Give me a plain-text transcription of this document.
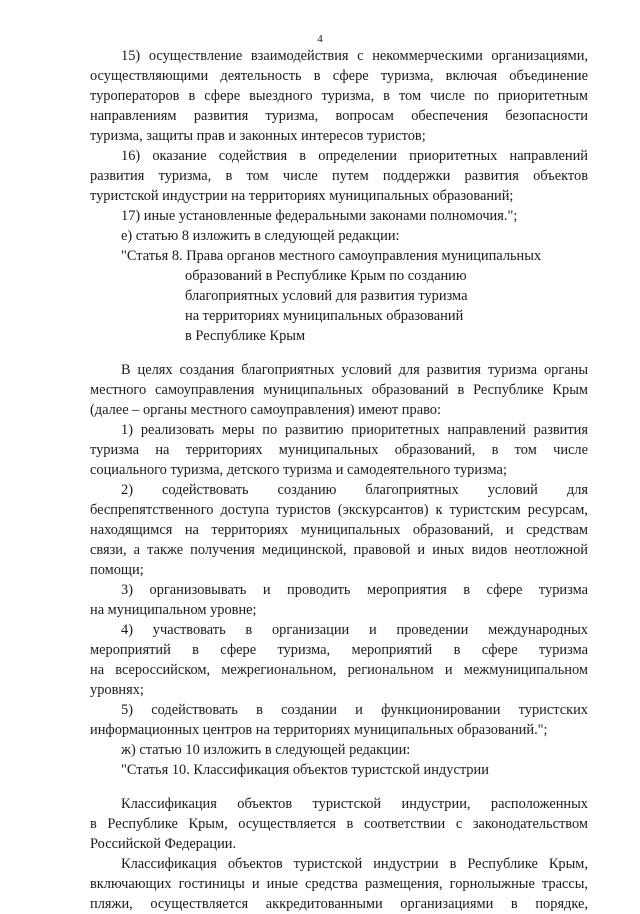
4
15) осуществление взаимодействия с некоммерческими организациями,
осуществляющими деятельность в сфере туризма, включая объединение
туроператоров в сфере выездного туризма, в том числе по приоритетным
направлениям развития туризма, вопросам обеспечения безопасности
туризма, защиты прав и законных интересов туристов;
16) оказание содействия в определении приоритетных направлений
развития туризма, в том числе путем поддержки развития объектов
туристской индустрии на территориях муниципальных образований;
17) иные установленные федеральными законами полномочия.";
е) статью 8 изложить в следующей редакции:
"Статья 8. Права органов местного самоуправления муниципальных
образований в Республике Крым по созданию
благоприятных условий для развития туризма
на территориях муниципальных образований
в Республике Крым
В целях создания благоприятных условий для развития туризма органы
местного самоуправления муниципальных образований в Республике Крым
(далее – органы местного самоуправления) имеют право:
1) реализовать меры по развитию приоритетных направлений развития
туризма на территориях муниципальных образований, в том числе
социального туризма, детского туризма и самодеятельного туризма;
2) содействовать созданию благоприятных условий для
беспрепятственного доступа туристов (экскурсантов) к туристским ресурсам,
находящимся на территориях муниципальных образований, и средствам
связи, а также получения медицинской, правовой и иных видов неотложной
помощи;
3) организовывать и проводить мероприятия в сфере туризма
на муниципальном уровне;
4) участвовать в организации и проведении международных
мероприятий в сфере туризма, мероприятий в сфере туризма
на всероссийском, межрегиональном, региональном и межмуниципальном
уровнях;
5) содействовать в создании и функционировании туристских
информационных центров на территориях муниципальных образований.";
ж) статью 10 изложить в следующей редакции:
"Статья 10. Классификация объектов туристской индустрии
Классификация объектов туристской индустрии, расположенных
в Республике Крым, осуществляется в соответствии с законодательством
Российской Федерации.
Классификация объектов туристской индустрии в Республике Крым,
включающих гостиницы и иные средства размещения, горнолыжные трассы,
пляжи, осуществляется аккредитованными организациями в порядке,
